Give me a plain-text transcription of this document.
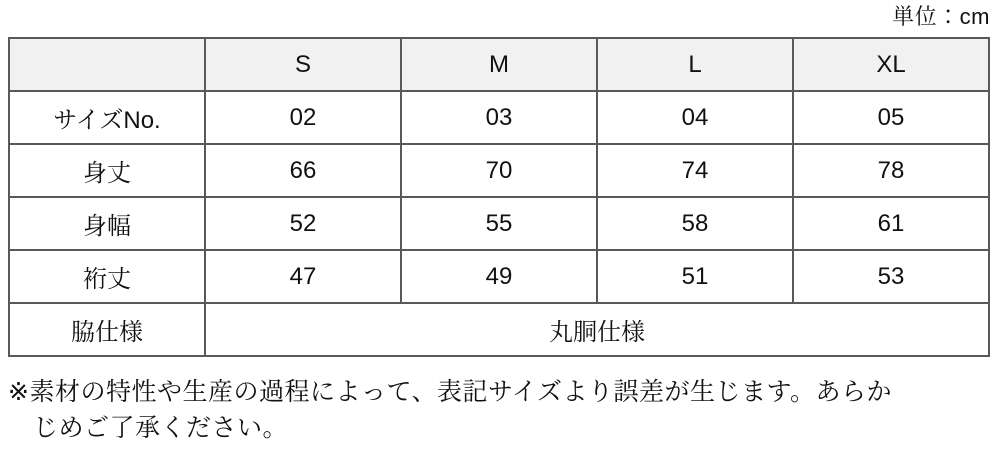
単位：cm
	S	M	L	XL
サイズNo.	02	03	04	05
身丈	66	70	74	78
身幅	52	55	58	61
裄丈	47	49	51	53
脇仕様	丸胴仕様			
※素材の特性や生産の過程によって、表記サイズより誤差が生じます。あらか
じめご了承ください。
